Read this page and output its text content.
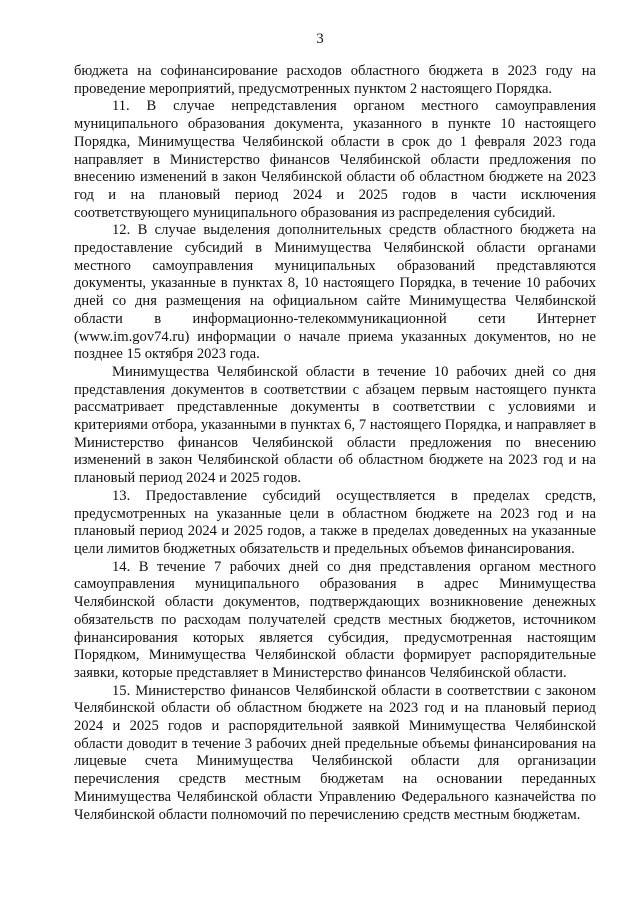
3

бюджета на софинансирование расходов областного бюджета в 2023 году на проведение мероприятий, предусмотренных пунктом 2 настоящего Порядка.

11. В случае непредставления органом местного самоуправления муниципального образования документа, указанного в пункте 10 настоящего Порядка, Минимущества Челябинской области в срок до 1 февраля 2023 года направляет в Министерство финансов Челябинской области предложения по внесению изменений в закон Челябинской области об областном бюджете на 2023 год и на плановый период 2024 и 2025 годов в части исключения соответствующего муниципального образования из распределения субсидий.

12. В случае выделения дополнительных средств областного бюджета на предоставление субсидий в Минимущества Челябинской области органами местного самоуправления муниципальных образований представляются документы, указанные в пунктах 8, 10 настоящего Порядка, в течение 10 рабочих дней со дня размещения на официальном сайте Минимущества Челябинской области в информационно-телекоммуникационной сети Интернет (www.im.gov74.ru) информации о начале приема указанных документов, но не позднее 15 октября 2023 года.

Минимущества Челябинской области в течение 10 рабочих дней со дня представления документов в соответствии с абзацем первым настоящего пункта рассматривает представленные документы в соответствии с условиями и критериями отбора, указанными в пунктах 6, 7 настоящего Порядка, и направляет в Министерство финансов Челябинской области предложения по внесению изменений в закон Челябинской области об областном бюджете на 2023 год и на плановый период 2024 и 2025 годов.

13. Предоставление субсидий осуществляется в пределах средств, предусмотренных на указанные цели в областном бюджете на 2023 год и на плановый период 2024 и 2025 годов, а также в пределах доведенных на указанные цели лимитов бюджетных обязательств и предельных объемов финансирования.

14. В течение 7 рабочих дней со дня представления органом местного самоуправления муниципального образования в адрес Минимущества Челябинской области документов, подтверждающих возникновение денежных обязательств по расходам получателей средств местных бюджетов, источником финансирования которых является субсидия, предусмотренная настоящим Порядком, Минимущества Челябинской области формирует распорядительные заявки, которые представляет в Министерство финансов Челябинской области.

15. Министерство финансов Челябинской области в соответствии с законом Челябинской области об областном бюджете на 2023 год и на плановый период 2024 и 2025 годов и распорядительной заявкой Минимущества Челябинской области доводит в течение 3 рабочих дней предельные объемы финансирования на лицевые счета Минимущества Челябинской области для организации перечисления средств местным бюджетам на основании переданных Минимущества Челябинской области Управлению Федерального казначейства по Челябинской области полномочий по перечислению средств местным бюджетам.
